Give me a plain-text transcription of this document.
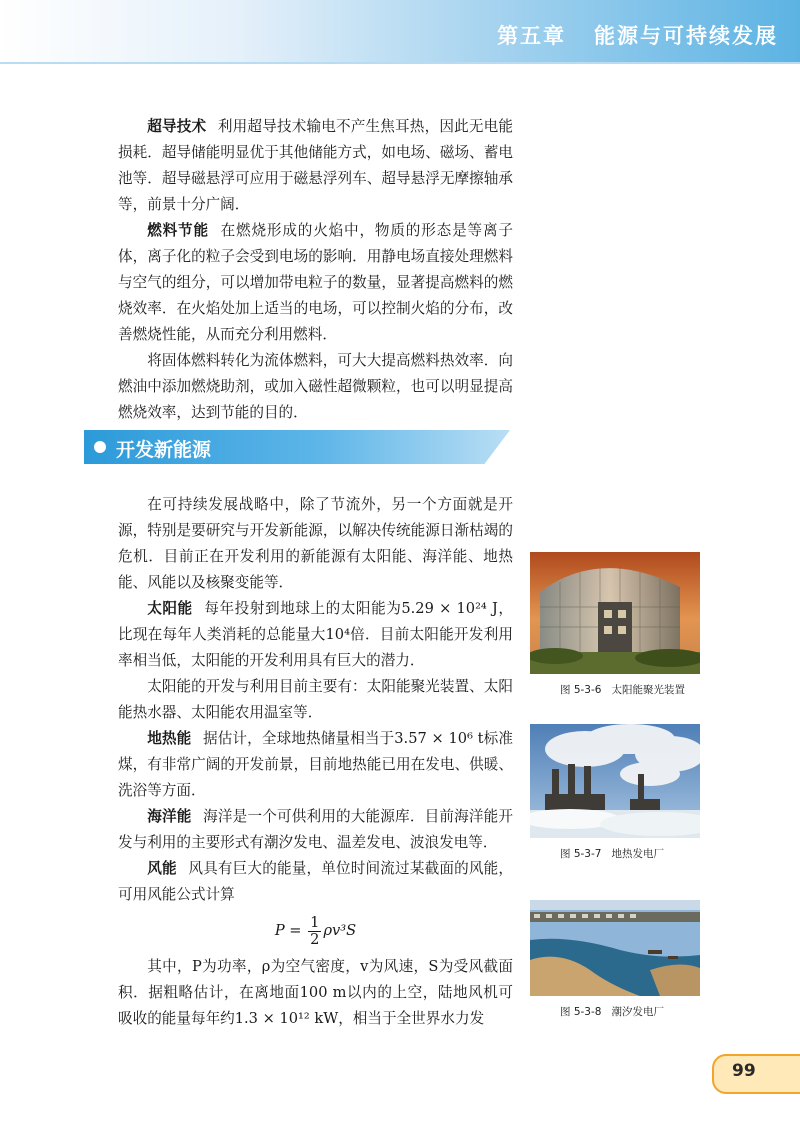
第五章   能源与可持续发展

超导技术 利用超导技术输电不产生焦耳热，因此无电能损耗．超导储能明显优于其他储能方式，如电场、磁场、蓄电池等．超导磁悬浮可应用于磁悬浮列车、超导悬浮无摩擦轴承等，前景十分广阔．

燃料节能 在燃烧形成的火焰中，物质的形态是等离子体，离子化的粒子会受到电场的影响．用静电场直接处理燃料与空气的组分，可以增加带电粒子的数量，显著提高燃料的燃烧效率．在火焰处加上适当的电场，可以控制火焰的分布，改善燃烧性能，从而充分利用燃料．

将固体燃料转化为流体燃料，可大大提高燃料热效率．向燃油中添加燃烧助剂，或加入磁性超微颗粒，也可以明显提高燃烧效率，达到节能的目的．

开发新能源

在可持续发展战略中，除了节流外，另一个方面就是开源，特别是要研究与开发新能源，以解决传统能源日渐枯竭的危机．目前正在开发利用的新能源有太阳能、海洋能、地热能、风能以及核聚变能等．

太阳能 每年投射到地球上的太阳能为5.29 × 10²⁴ J，比现在每年人类消耗的总能量大10⁴倍．目前太阳能开发利用率相当低，太阳能的开发利用具有巨大的潜力．

太阳能的开发与利用目前主要有：太阳能聚光装置、太阳能热水器、太阳能农用温室等．

地热能 据估计，全球地热储量相当于3.57 × 10⁶ t标准煤，有非常广阔的开发前景，目前地热能已用在发电、供暖、洗浴等方面．

海洋能 海洋是一个可供利用的大能源库．目前海洋能开发与利用的主要形式有潮汐发电、温差发电、波浪发电等．

风能 风具有巨大的能量，单位时间流过某截面的风能，可用风能公式计算

$P = \frac{1}{2} \rho v^3S$

其中，P为功率，ρ为空气密度，v为风速，S为受风截面积．据粗略估计，在离地面100 m以内的上空，陆地风机可吸收的能量每年约1.3 × 10¹² kW，相当于全世界水力发

图 5-3-6   太阳能聚光装置
图 5-3-7   地热发电厂
图 5-3-8   潮汐发电厂
99
